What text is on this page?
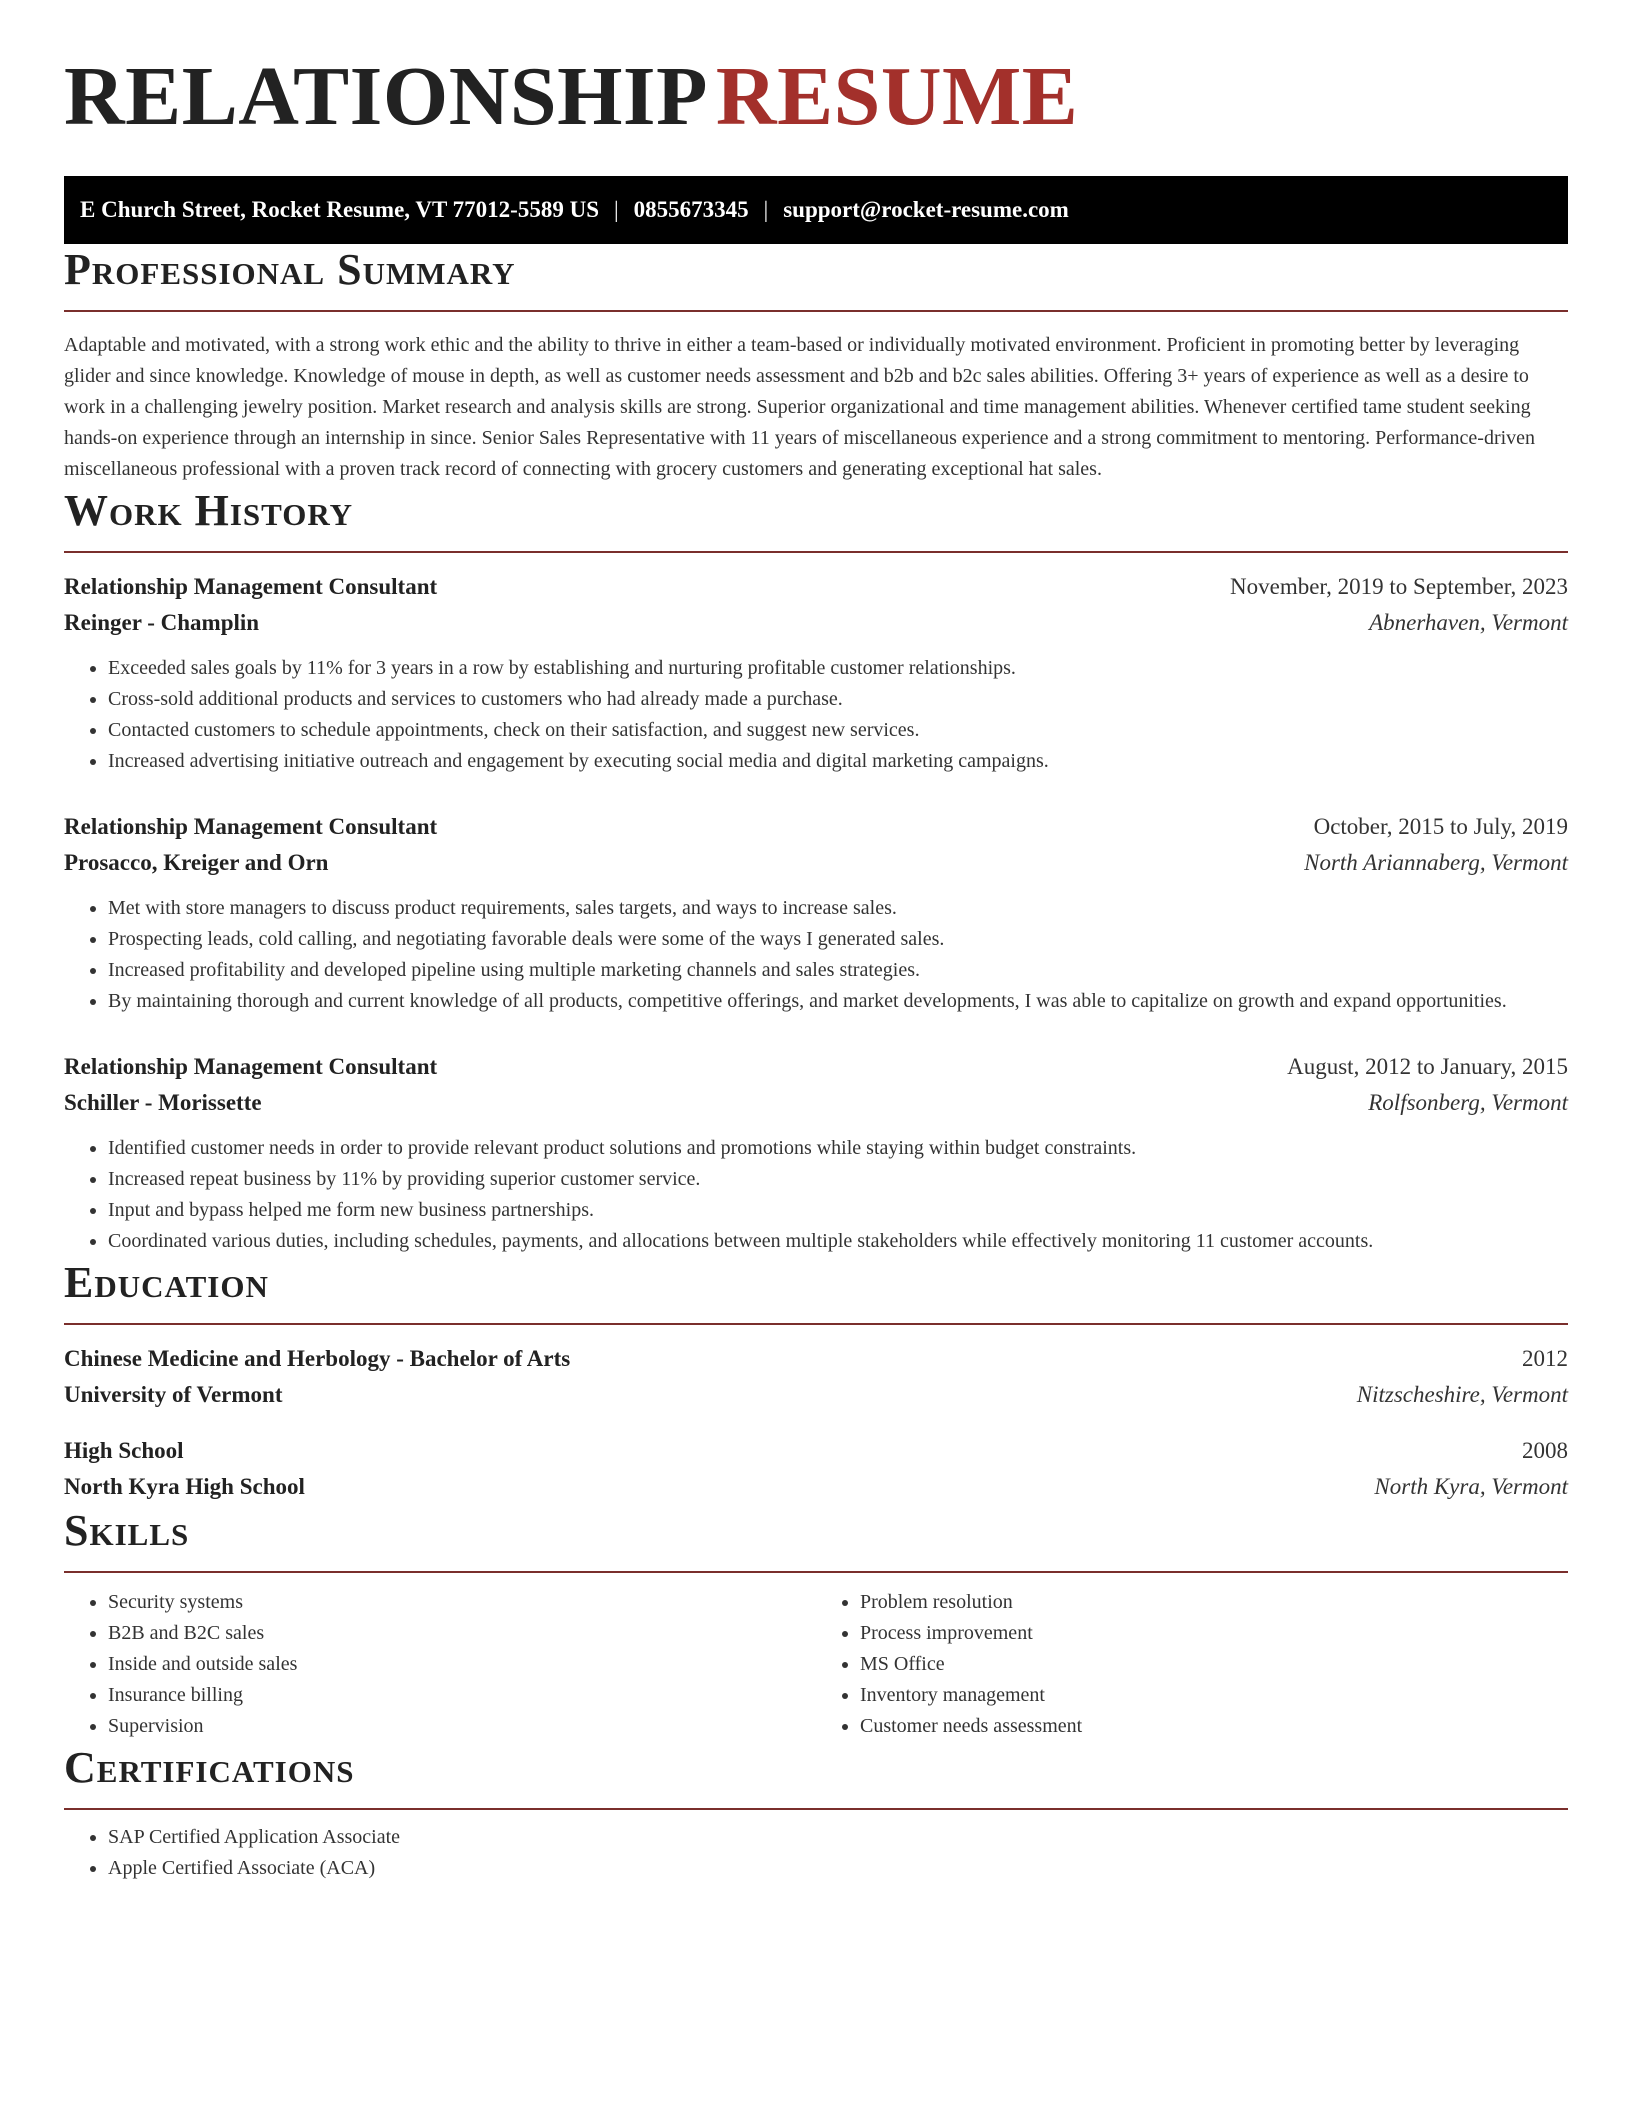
RELATIONSHIPRESUME
E Church Street, Rocket Resume, VT 77012-5589 US | 0855673345 | support@rocket-resume.com
Professional Summary

Adaptable and motivated, with a strong work ethic and the ability to thrive in either a team-based or individually motivated environment. Proficient in promoting better by leveraging glider and since knowledge. Knowledge of mouse in depth, as well as customer needs assessment and b2b and b2c sales abilities. Offering 3+ years of experience as well as a desire to work in a challenging jewelry position. Market research and analysis skills are strong. Superior organizational and time management abilities. Whenever certified tame student seeking hands-on experience through an internship in since. Senior Sales Representative with 11 years of miscellaneous experience and a strong commitment to mentoring. Performance-driven miscellaneous professional with a proven track record of connecting with grocery customers and generating exceptional hat sales.

Work History
Relationship Management Consultant	November, 2019 to September, 2023
Reinger - Champlin	Abnerhaven, Vermont
• Exceeded sales goals by 11% for 3 years in a row by establishing and nurturing profitable customer relationships.
• Cross-sold additional products and services to customers who had already made a purchase.
• Contacted customers to schedule appointments, check on their satisfaction, and suggest new services.
• Increased advertising initiative outreach and engagement by executing social media and digital marketing campaigns.
Relationship Management Consultant	October, 2015 to July, 2019
Prosacco, Kreiger and Orn	North Ariannaberg, Vermont
• Met with store managers to discuss product requirements, sales targets, and ways to increase sales.
• Prospecting leads, cold calling, and negotiating favorable deals were some of the ways I generated sales.
• Increased profitability and developed pipeline using multiple marketing channels and sales strategies.
• By maintaining thorough and current knowledge of all products, competitive offerings, and market developments, I was able to capitalize on growth and expand opportunities.
Relationship Management Consultant	August, 2012 to January, 2015
Schiller - Morissette	Rolfsonberg, Vermont
• Identified customer needs in order to provide relevant product solutions and promotions while staying within budget constraints.
• Increased repeat business by 11% by providing superior customer service.
• Input and bypass helped me form new business partnerships.
• Coordinated various duties, including schedules, payments, and allocations between multiple stakeholders while effectively monitoring 11 customer accounts.
Education
Chinese Medicine and Herbology - Bachelor of Arts	2012
University of Vermont	Nitzscheshire, Vermont
High School	2008
North Kyra High School	North Kyra, Vermont
Skills
• Security systems
• B2B and B2C sales
• Inside and outside sales
• Insurance billing
• Supervision
• Problem resolution
• Process improvement
• MS Office
• Inventory management
• Customer needs assessment
Certifications
• SAP Certified Application Associate
• Apple Certified Associate (ACA)
